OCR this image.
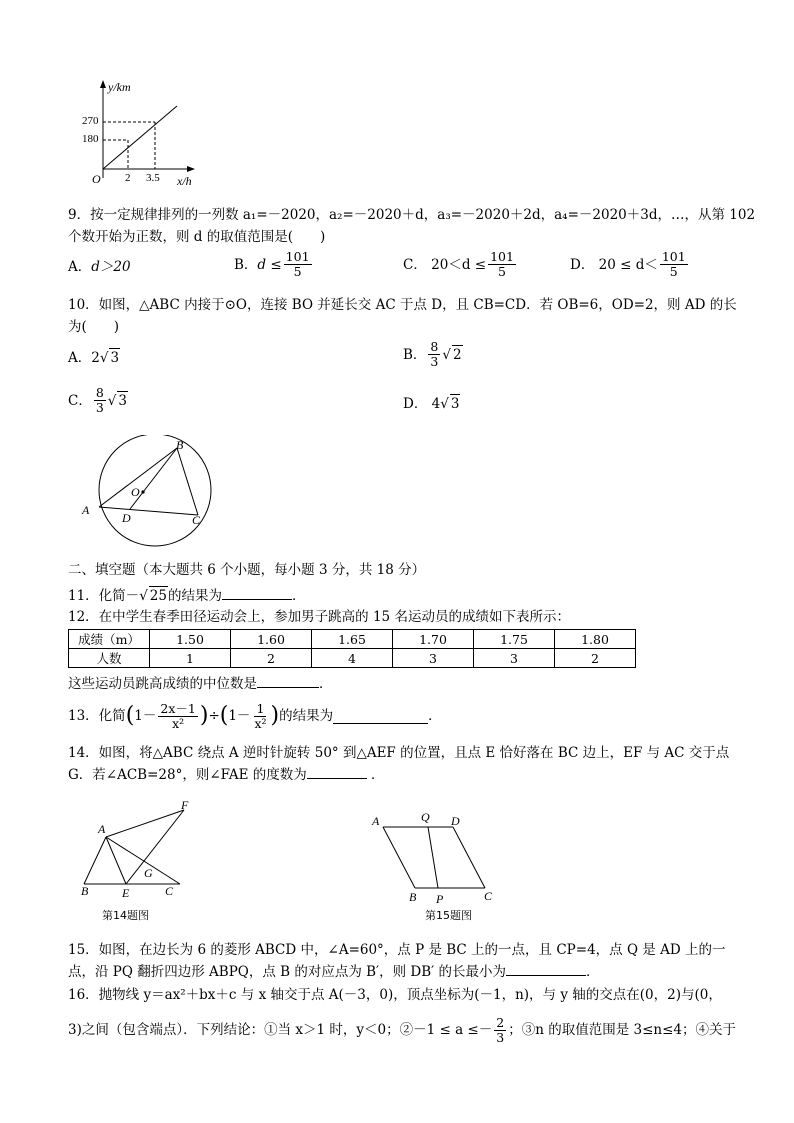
y/km
270
180
O 2 3.5 x/h
9．按一定规律排列的一列数 a₁=－2020，a₂=－2020＋d，a₃=－2020＋2d，a₄=－2020＋3d，…，从第 102
个数开始为正数，则 d 的取值范围是(　　)
A．d＞20	B． $d \le \frac{101}{5}$	C．
$20<d \le \frac{101}{5}$	D．
$20 \le d< \frac{101}{5}$
10．如图，△ABC 内接于⊙O，连接 BO 并延长交 AC 于点 D，且 CB=CD．若 OB=6，OD=2，则 AD 的长
为(　　)
A．2√ 3	B． $\frac{8}{3}$ √ 2
C． $\frac{8}{3}$ √ 3	D． 4√ 3
B
A
C
D
O
二、填空题（本大题共 6 个小题，每小题 3 分，共 18 分）
11．化简－√ 25的结果为	．
12．在中学生春季田径运动会上，参加男子跳高的 15 名运动员的成绩如下表所示：
成绩（m）	1.50	1.60	1.65	1.70	1.75	1.80
人数	1	2	4	3	3	2
这些运动员跳高成绩的中位数是	．
13．化简 ( $1- \frac{2x-1}{\text{x²}}$ ) ÷ ( $1- \frac{1}{\text{x²}}$ ) 的结果为	．
14．如图，将△ABC 绕点 A 逆时针旋转 50° 到△AEF 的位置，且点 E 恰好落在 BC 边上，EF 与 AC 交于点
G．若∠ACB=28°，则∠FAE 的度数为	．
A
F
B	E
G
C
第14题图
A	Q D
B P	C
第15题图
15．如图，在边长为 6 的菱形 ABCD 中，∠A=60°，点 P 是 BC 上的一点，且 CP=4，点 Q 是 AD 上的一
点，沿 PQ 翻折四边形 ABPQ，点 B 的对应点为 B′，则 DB′ 的长最小为	．
16．抛物线 y＝ax²＋bx＋c 与 x 轴交于点 A(－3，0)，顶点坐标为(－1，n)，与 y 轴的交点在(0，2)与(0，
3)之间（包含端点）．下列结论：①当 x＞1 时，y＜0；②－1 ≤ $a \le- \frac{2}{3}$ ；③n 的取值范围是 3≤n≤4；④关于
